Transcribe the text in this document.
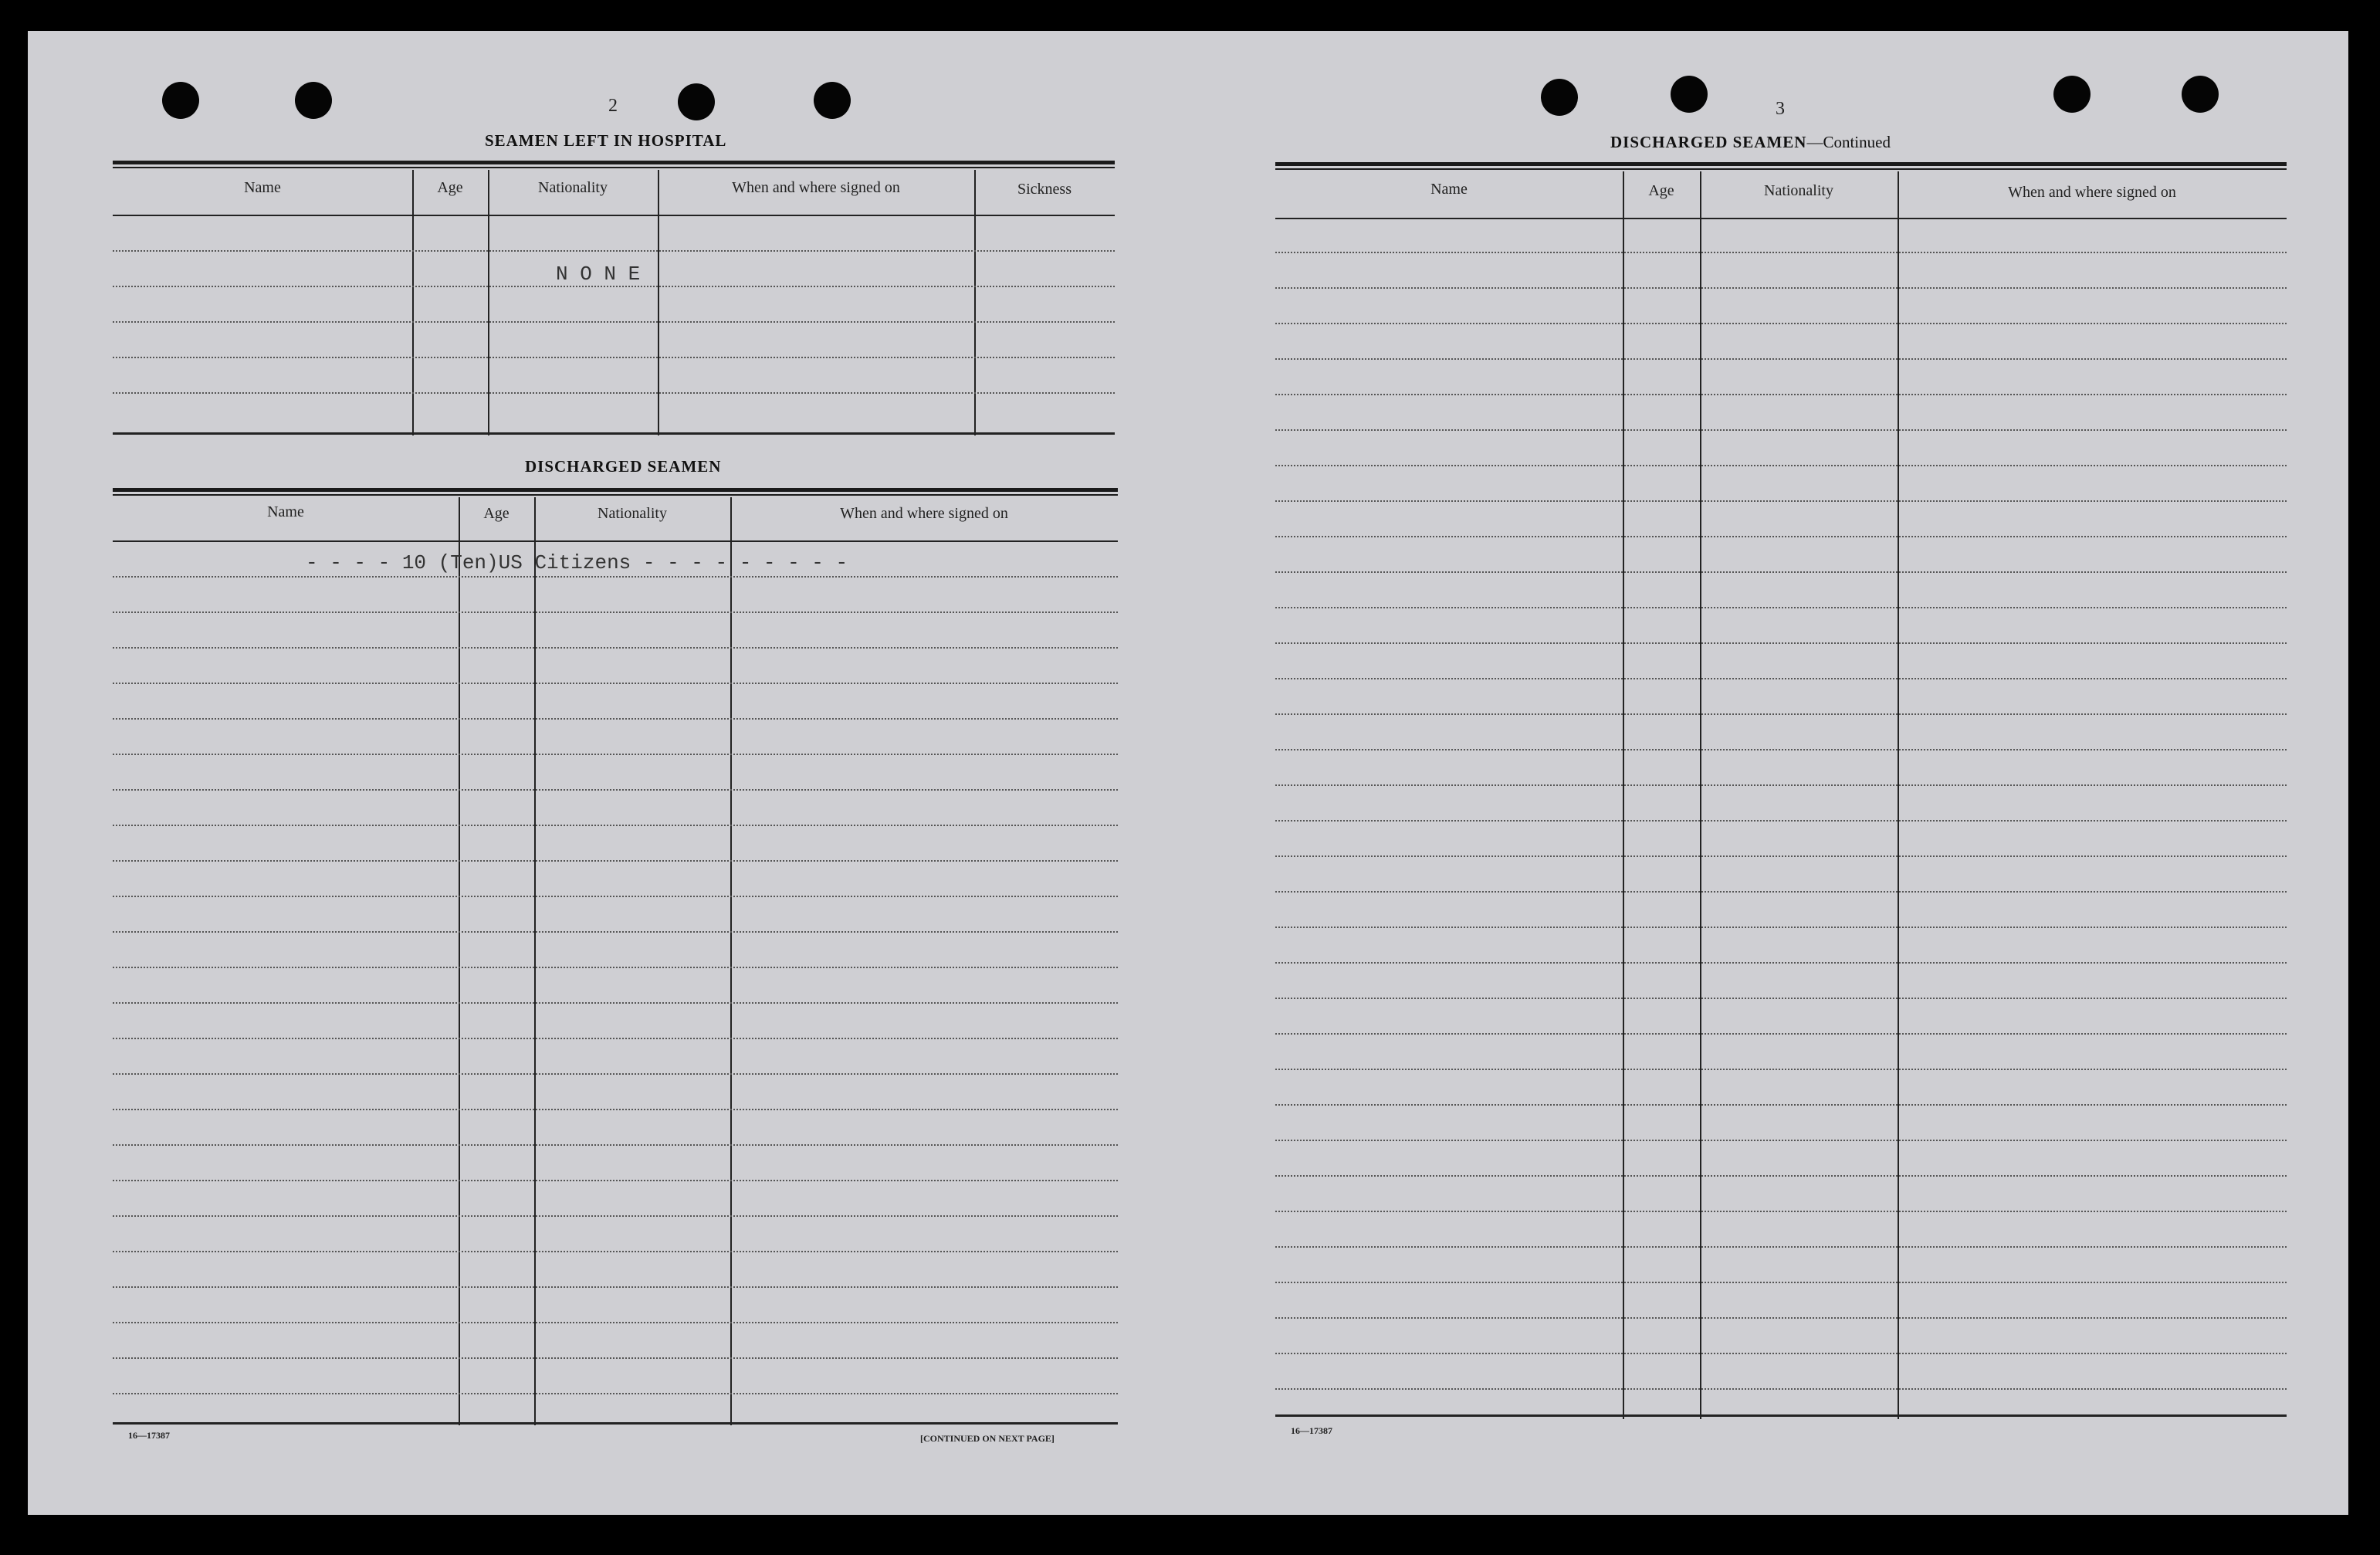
2
SEAMEN LEFT IN HOSPITAL
Name	Age	Nationality	When and where signed on	Sickness
N O N E
DISCHARGED SEAMEN
Name	Age	Nationality	When and where signed on
- - - - 10 (Ten)US Citizens - - - - - - - - -
16—17387	[CONTINUED ON NEXT PAGE]
3
DISCHARGED SEAMEN—Continued
Name	Age	Nationality	When and where signed on
16—17387
